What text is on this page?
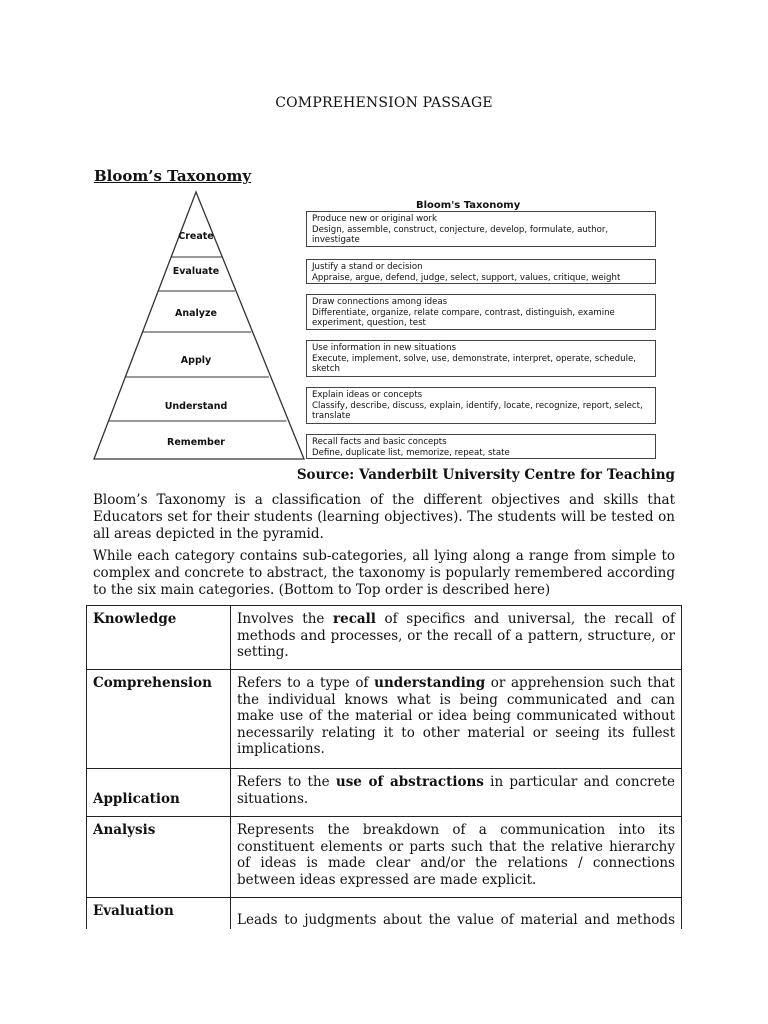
COMPREHENSION PASSAGE
Bloom’s Taxonomy
Create
Evaluate
Analyze
Apply
Understand
Remember
Bloom's Taxonomy
Produce new or original work
Design, assemble, construct, conjecture, develop, formulate, author, investigate
Justify a stand or decision
Appraise, argue, defend, judge, select, support, values, critique, weight
Draw connections among ideas
Differentiate, organize, relate compare, contrast, distinguish, examine experiment, question, test
Use information in new situations
Execute, implement, solve, use, demonstrate, interpret, operate, schedule, sketch
Explain ideas or concepts
Classify, describe, discuss, explain, identify, locate, recognize, report, select, translate
Recall facts and basic concepts
Define, duplicate list, memorize, repeat, state
Source: Vanderbilt University Centre for Teaching

Bloom’s Taxonomy is a classification of the different objectives and skills that Educators set for their students (learning objectives). The students will be tested on all areas depicted in the pyramid.

While each category contains sub-categories, all lying along a range from simple to complex and concrete to abstract, the taxonomy is popularly remembered according to the six main categories. (Bottom to Top order is described here)

Knowledge	Involves the recall of specifics and universal, the recall of methods and processes, or the recall of a pattern, structure, or setting.
Comprehension	Refers to a type of understanding or apprehension such that the individual knows what is being communicated and can make use of the material or idea being communicated without necessarily relating it to other material or seeing its fullest implications.
Application	Refers to the use of abstractions in particular and concrete situations.
Analysis	Represents the breakdown of a communication into its constituent elements or parts such that the relative hierarchy of ideas is made clear and/or the relations / connections between ideas expressed are made explicit.
Evaluation	Leads to judgments about the value of material and methods
